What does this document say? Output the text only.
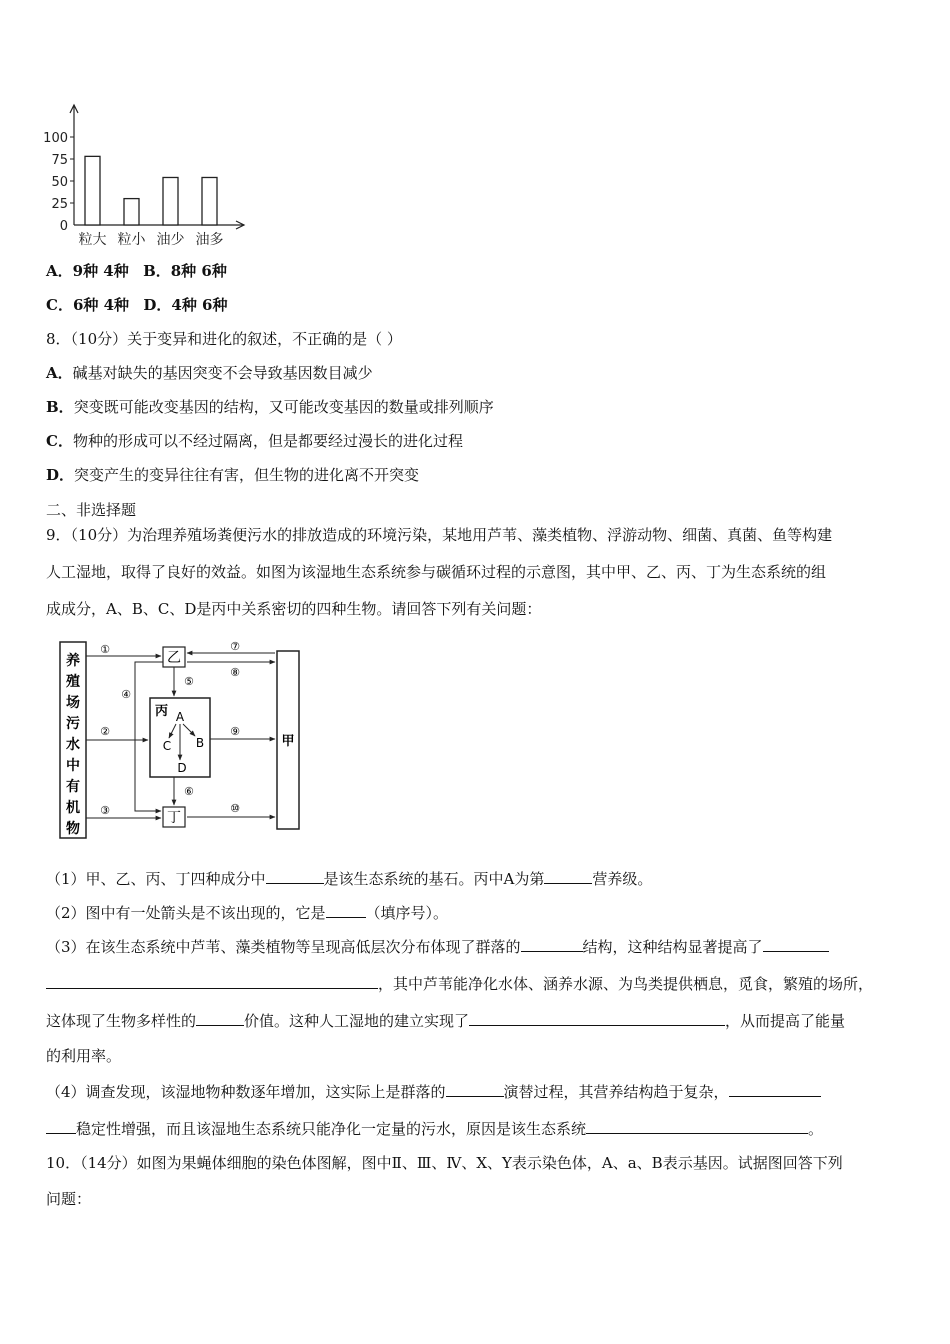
0
25
50
75
100
粒大 粒小 油少 油多
A．9种 4种 B．8种 6种
C．6种 4种 D．4种 6种
8．（10分）关于变异和进化的叙述，不正确的是（ ）
A．碱基对缺失的基因突变不会导致基因数目减少
B．突变既可能改变基因的结构，又可能改变基因的数量或排列顺序
C．物种的形成可以不经过隔离，但是都要经过漫长的进化过程
D．突变产生的变异往往有害，但生物的进化离不开突变
二、非选择题
9．（10分）为治理养殖场粪便污水的排放造成的环境污染，某地用芦苇、藻类植物、浮游动物、细菌、真菌、鱼等构建
人工湿地，取得了良好的效益。如图为该湿地生态系统参与碳循环过程的示意图，其中甲、乙、丙、丁为生态系统的组
成成分，A、B、C、D是丙中关系密切的四种生物。请回答下列有关问题：
养
殖
场
污
水
中
有
机
物
乙
丙 A
B
C
D
丁
甲
①
②
③
④
⑤
⑥
⑦
⑧
⑨
⑩
（1）甲、乙、丙、丁四种成分中	是该生态系统的基石。丙中A为第	营养级。
（2）图中有一处箭头是不该出现的，它是	（填序号）。
（3）在该生态系统中芦苇、藻类植物等呈现高低层次分布体现了群落的	结构，这种结构显著提高了
，其中芦苇能净化水体、涵养水源、为鸟类提供栖息，觅食，繁殖的场所，
这体现了生物多样性的	价值。这种人工湿地的建立实现了	，从而提高了能量
的利用率。
（4）调查发现，该湿地物种数逐年增加，这实际上是群落的	演替过程，其营养结构趋于复杂，
稳定性增强，而且该湿地生态系统只能净化一定量的污水，原因是该生态系统	。
10．（14分）如图为果蝇体细胞的染色体图解，图中Ⅱ、Ⅲ、Ⅳ、X、Y表示染色体，A、a、B表示基因。试据图回答下列
问题：
